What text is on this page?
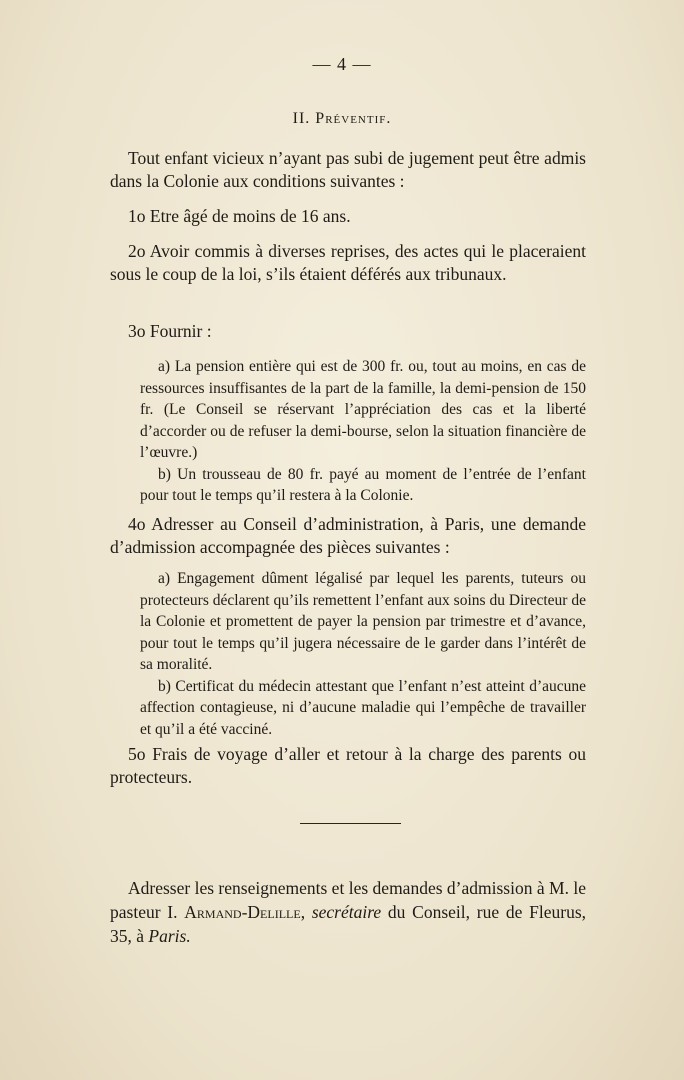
— 4 —
II. Préventif.
Tout enfant vicieux n’ayant pas subi de jugement peut être admis dans la Colonie aux conditions suivantes :
1o Etre âgé de moins de 16 ans.
2o Avoir commis à diverses reprises, des actes qui le placeraient sous le coup de la loi, s’ils étaient déférés aux tribunaux.
3o Fournir :

a) La pension entière qui est de 300 fr. ou, tout au moins, en cas de ressources insuffisantes de la part de la famille, la demi-pension de 150 fr. (Le Conseil se réservant l’appréciation des cas et la liberté d’accorder ou de refuser la demi-bourse, selon la situation financière de l’œuvre.)

b) Un trousseau de 80 fr. payé au moment de l’entrée de l’enfant pour tout le temps qu’il restera à la Colonie.

4o Adresser au Conseil d’administration, à Paris, une demande d’admission accompagnée des pièces suivantes :

a) Engagement dûment légalisé par lequel les parents, tuteurs ou protecteurs déclarent qu’ils remettent l’enfant aux soins du Directeur de la Colonie et promettent de payer la pension par trimestre et d’avance, pour tout le temps qu’il jugera nécessaire de le garder dans l’intérêt de sa moralité.

b) Certificat du médecin attestant que l’enfant n’est atteint d’aucune affection contagieuse, ni d’aucune maladie qui l’empêche de travailler et qu’il a été vacciné.

5o Frais de voyage d’aller et retour à la charge des parents ou protecteurs.
Adresser les renseignements et les demandes d’admission à M. le pasteur I. Armand-Delille, secrétaire du Conseil, rue de Fleurus, 35, à Paris.
